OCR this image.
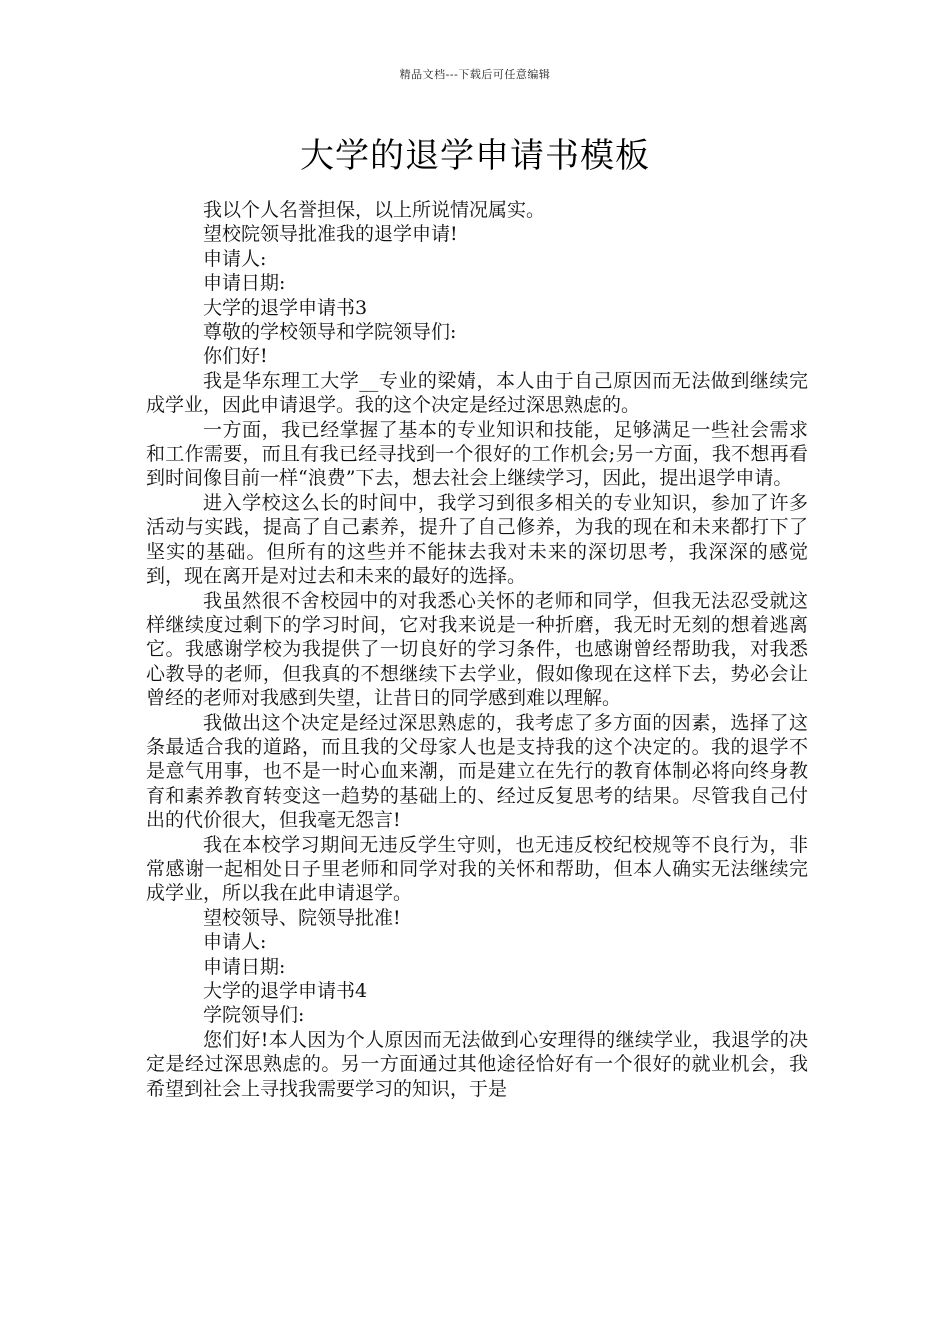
精品文档---下载后可任意编辑
大学的退学申请书模板

我以个人名誉担保，以上所说情况属实。

望校院领导批准我的退学申请!

申请人:

申请日期:

大学的退学申请书3

尊敬的学校领导和学院领导们:

你们好!

我是华东理工大学__专业的梁婧，本人由于自己原因而无法做到继续完成学业，因此申请退学。我的这个决定是经过深思熟虑的。

一方面，我已经掌握了基本的专业知识和技能，足够满足一些社会需求和工作需要，而且有我已经寻找到一个很好的工作机会;另一方面，我不想再看到时间像目前一样“浪费”下去，想去社会上继续学习，因此，提出退学申请。

进入学校这么长的时间中，我学习到很多相关的专业知识，参加了许多活动与实践，提高了自己素养，提升了自己修养，为我的现在和未来都打下了坚实的基础。但所有的这些并不能抹去我对未来的深切思考，我深深的感觉到，现在离开是对过去和未来的最好的选择。

我虽然很不舍校园中的对我悉心关怀的老师和同学，但我无法忍受就这样继续度过剩下的学习时间，它对我来说是一种折磨，我无时无刻的想着逃离它。我感谢学校为我提供了一切良好的学习条件，也感谢曾经帮助我，对我悉心教导的老师，但我真的不想继续下去学业，假如像现在这样下去，势必会让曾经的老师对我感到失望，让昔日的同学感到难以理解。

我做出这个决定是经过深思熟虑的，我考虑了多方面的因素，选择了这条最适合我的道路，而且我的父母家人也是支持我的这个决定的。我的退学不是意气用事，也不是一时心血来潮，而是建立在先行的教育体制必将向终身教育和素养教育转变这一趋势的基础上的、经过反复思考的结果。尽管我自己付出的代价很大，但我毫无怨言!

我在本校学习期间无违反学生守则，也无违反校纪校规等不良行为，非常感谢一起相处日子里老师和同学对我的关怀和帮助，但本人确实无法继续完成学业，所以我在此申请退学。

望校领导、院领导批准!

申请人:

申请日期:

大学的退学申请书4

学院领导们:

您们好!本人因为个人原因而无法做到心安理得的继续学业，我退学的决定是经过深思熟虑的。另一方面通过其他途径恰好有一个很好的就业机会，我希望到社会上寻找我需要学习的知识，于是
